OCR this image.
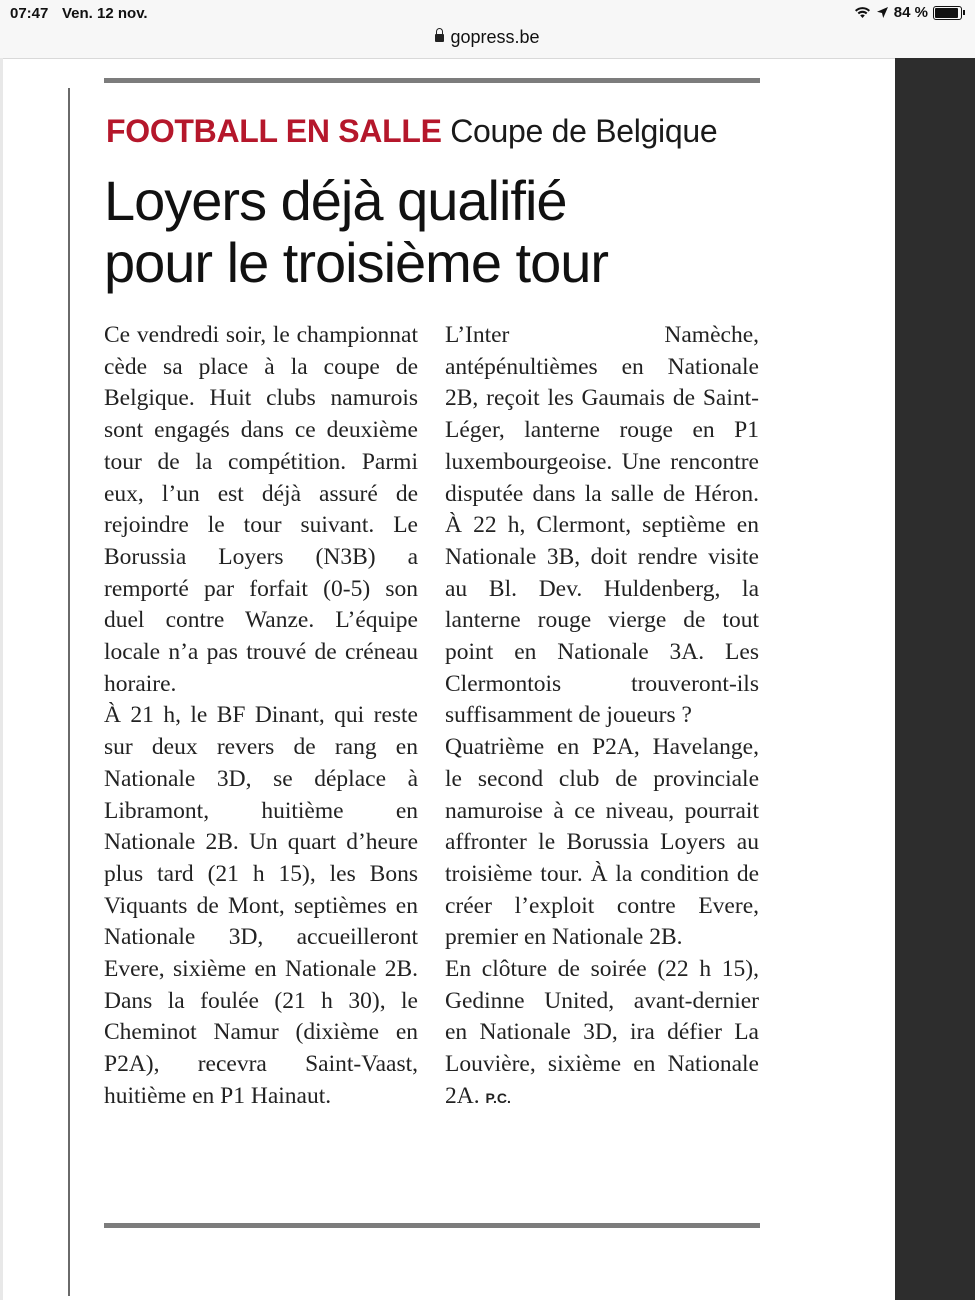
07:47 Ven. 12 nov.	84 %
gopress.be
FOOTBALL EN SALLE Coupe de Belgique
Loyers déjà qualifié
pour le troisième tour

Ce vendredi soir, le championnat cède sa place à la coupe de Belgique. Huit clubs namurois sont engagés dans ce deuxième tour de la compétition. Parmi eux, l’un est déjà assuré de rejoindre le tour suivant. Le Borussia Loyers (N3B) a remporté par forfait (0-5) son duel contre Wanze. L’équipe locale n’a pas trouvé de créneau horaire.

À 21 h, le BF Dinant, qui reste sur deux revers de rang en Nationale 3D, se déplace à Libramont, huitième en Nationale 2B. Un quart d’heure plus tard (21 h 15), les Bons Viquants de Mont, septièmes en Nationale 3D, accueilleront Evere, sixième en Nationale 2B. Dans la foulée (21 h 30), le Cheminot Namur (dixième en P2A), recevra Saint-Vaast, huitième en P1 Hainaut.

L’Inter Namèche, antépénultièmes en Nationale 2B, reçoit les Gaumais de Saint-Léger, lanterne rouge en P1 luxembourgeoise. Une rencontre disputée dans la salle de Héron. À 22 h, Clermont, septième en Nationale 3B, doit rendre visite au Bl. Dev. Huldenberg, la lanterne rouge vierge de tout point en Nationale 3A. Les Clermontois trouveront-ils suffisamment de joueurs ?

Quatrième en P2A, Havelange, le second club de provinciale namuroise à ce niveau, pourrait affronter le Borussia Loyers au troisième tour. À la condition de créer l’exploit contre Evere, premier en Nationale 2B.

En clôture de soirée (22 h 15), Gedinne United, avant-dernier en Nationale 3D, ira défier La Louvière, sixième en Nationale 2A. P.C.
